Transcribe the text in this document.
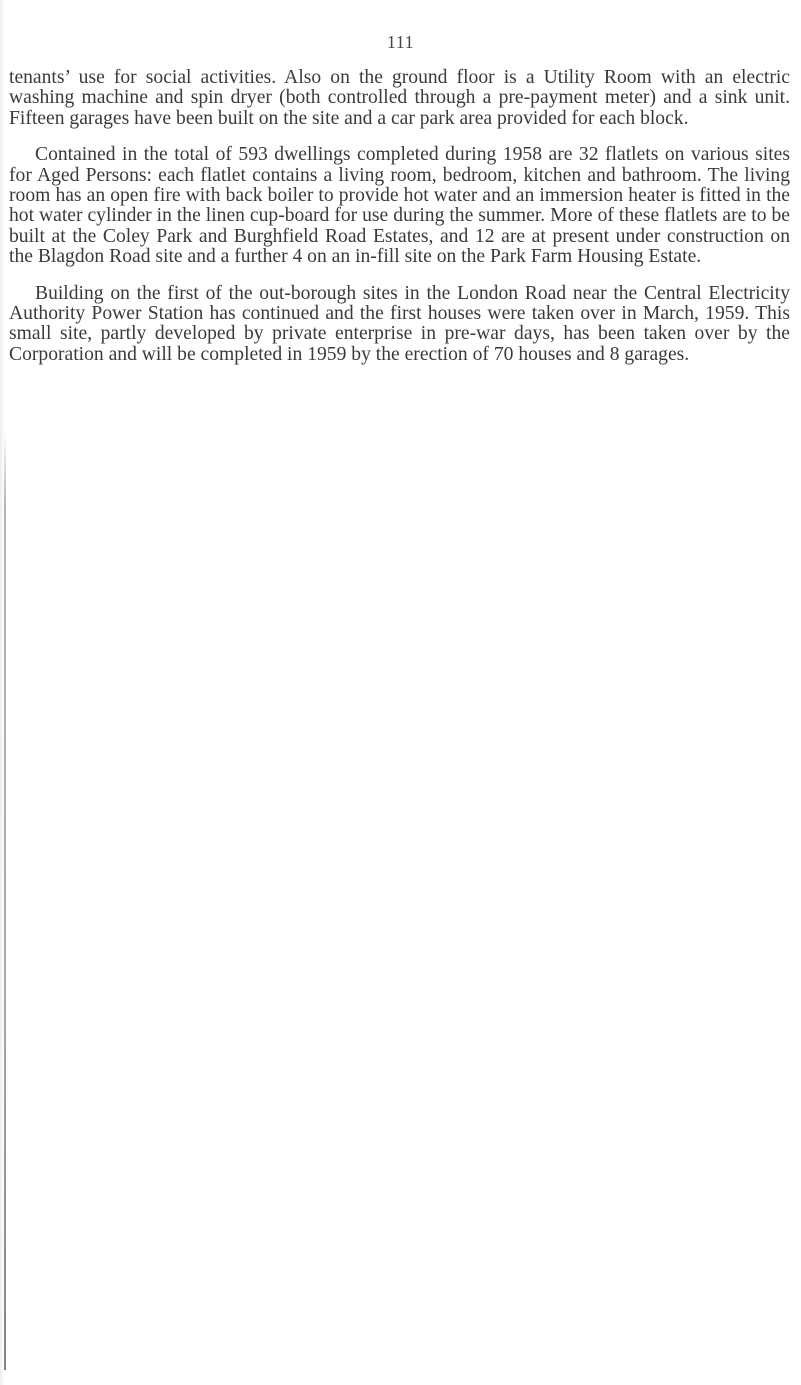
111

tenants’ use for social activities. Also on the ground floor is a Utility Room with an electric washing machine and spin dryer (both controlled through a pre-payment meter) and a sink unit. Fifteen garages have been built on the site and a car park area provided for each block.

Contained in the total of 593 dwellings completed during 1958 are 32 flatlets on various sites for Aged Persons: each flatlet contains a living room, bedroom, kitchen and bathroom. The living room has an open fire with back boiler to provide hot water and an immersion heater is fitted in the hot water cylinder in the linen cup-board for use during the summer. More of these flatlets are to be built at the Coley Park and Burghfield Road Estates, and 12 are at present under construction on the Blagdon Road site and a further 4 on an in-fill site on the Park Farm Housing Estate.

Building on the first of the out-borough sites in the London Road near the Central Electricity Authority Power Station has continued and the first houses were taken over in March, 1959. This small site, partly developed by private enterprise in pre-war days, has been taken over by the Corporation and will be completed in 1959 by the erection of 70 houses and 8 garages.
